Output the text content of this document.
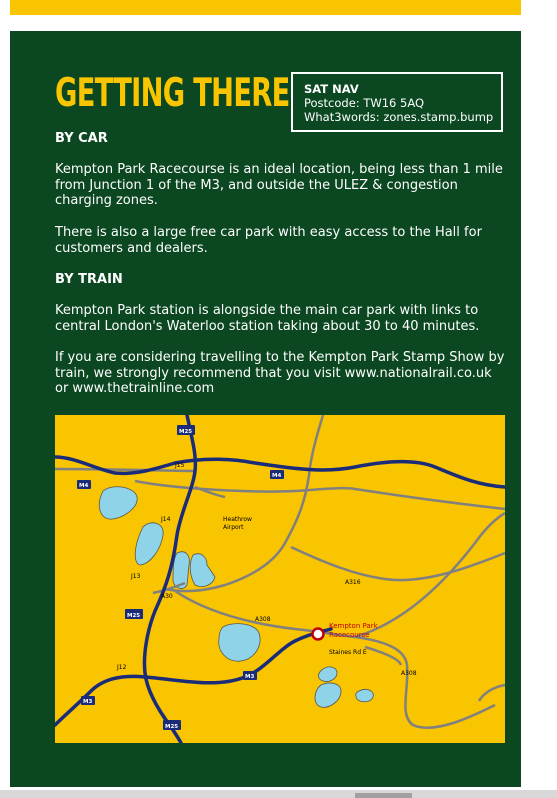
GETTING THERE SAT NAV
Postcode: TW16 5AQ
What3words: zones.stamp.bump
BY CAR

Kempton Park Racecourse is an ideal location, being less than 1 mile from Junction 1 of the M3, and outside the ULEZ & congestion charging zones.

There is also a large free car park with easy access to the Hall for customers and dealers.

BY TRAIN

Kempton Park station is alongside the main car park with links to central London's Waterloo station taking about 30 to 40 minutes.

If you are considering travelling to the Kempton Park Stamp Show by train, we strongly recommend that you visit www.nationalrail.co.uk or www.thetrainline.com

M25
M4
M4
M25
M3
M3
M25
J15
J14
J13
J12
Heathrow
Airport
A30
A308
A316
Staines Rd E
A308
Kempton Park
Racecourse
